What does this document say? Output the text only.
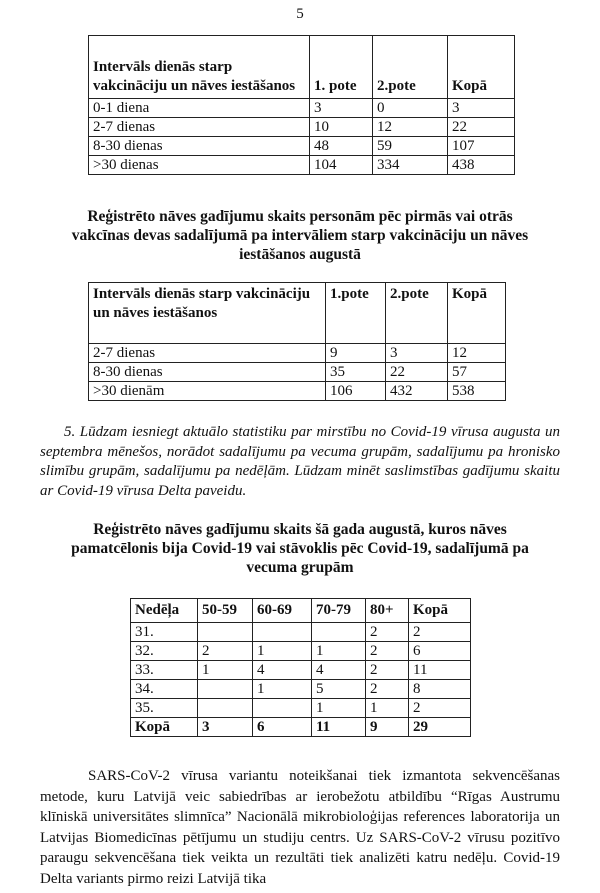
5
Intervāls dienās starp vakcināciju un nāves iestāšanos	1. pote	2.pote	Kopā
0-1 diena	3	0	3
2-7 dienas	10	12	22
8-30 dienas	48	59	107
>30 dienas	104	334	438
Reģistrēto nāves gadījumu skaits personām pēc pirmās vai otrās vakcīnas devas sadalījumā pa intervāliem starp vakcināciju un nāves iestāšanos augustā
Intervāls dienās starp vakcināciju un nāves iestāšanos	1.pote	2.pote	Kopā
2-7 dienas	9	3	12
8-30 dienas	35	22	57
>30 dienām	106	432	538
5. Lūdzam iesniegt aktuālo statistiku par mirstību no Covid-19 vīrusa augusta un septembra mēnešos, norādot sadalījumu pa vecuma grupām, sadalījumu pa hronisko slimību grupām, sadalījumu pa nedēļām. Lūdzam minēt saslimstības gadījumu skaitu ar Covid-19 vīrusa Delta paveidu.
Reģistrēto nāves gadījumu skaits šā gada augustā, kuros nāves pamatcēlonis bija Covid-19 vai stāvoklis pēc Covid-19, sadalījumā pa vecuma grupām
Nedēļa	50-59	60-69	70-79	80+	Kopā
31.				2	2
32.	2	1	1	2	6
33.	1	4	4	2	11
34.		1	5	2	8
35.			1	1	2
Kopā	3	6	11	9	29
SARS-CoV-2 vīrusa variantu noteikšanai tiek izmantota sekvencēšanas metode, kuru Latvijā veic sabiedrības ar ierobežotu atbildību “Rīgas Austrumu klīniskā universitātes slimnīca” Nacionālā mikrobioloģijas references laboratorija un Latvijas Biomedicīnas pētījumu un studiju centrs. Uz SARS-CoV-2 vīrusu pozitīvo paraugu sekvencēšana tiek veikta un rezultāti tiek analizēti katru nedēļu. Covid-19 Delta variants pirmo reizi Latvijā tika
